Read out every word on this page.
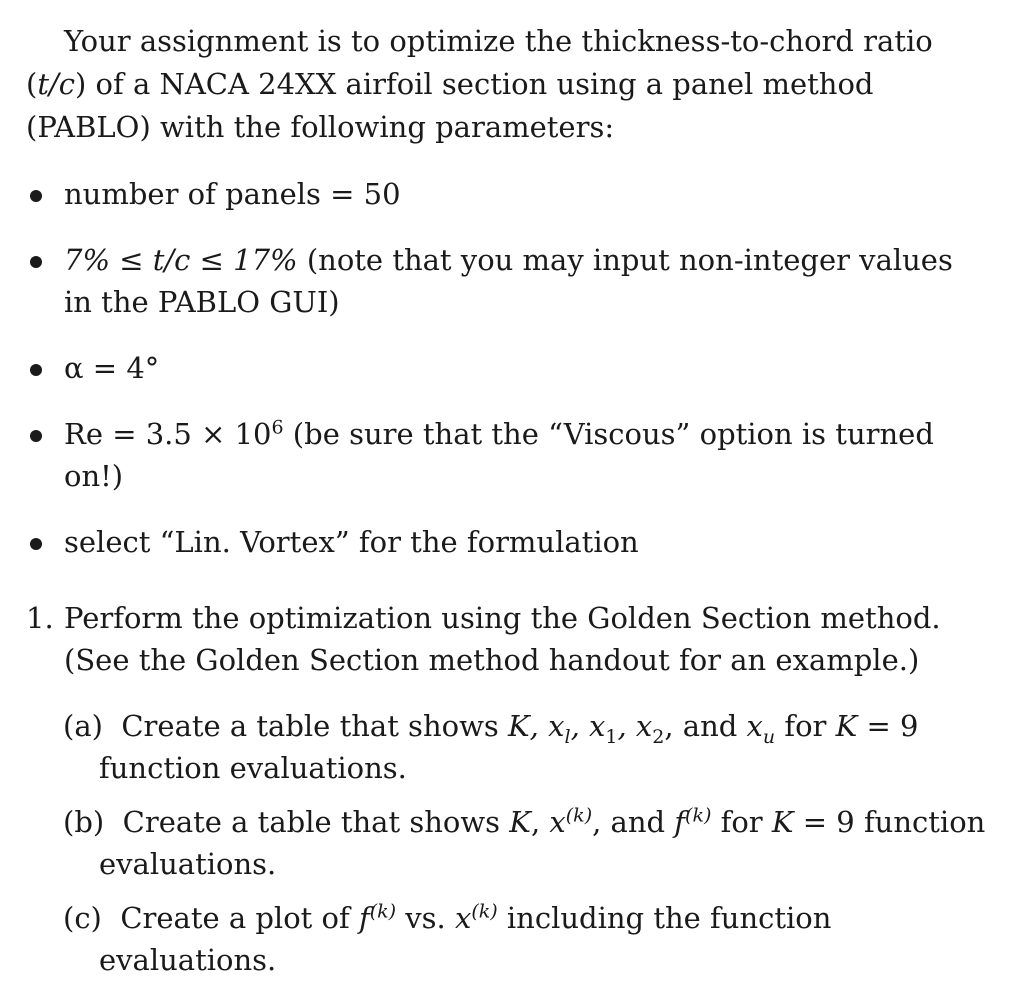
Your assignment is to optimize the thickness-to-chord ratio (t/c) of a NACA 24XX airfoil section using a panel method (PABLO) with the following parameters:

number of panels = 50
7% ≤ t/c ≤ 17% (note that you may input non-integer values in the PABLO GUI)
α = 4°
$Re = 3.5 \times 10^6$ (be sure that the “Viscous” option is turned on!)
select “Lin. Vortex” for the formulation
1. Perform the optimization using the Golden Section method. (See the Golden Section method handout for an example.)
(a) Create a table that shows K, $x_l$, $x_1$, $x_2$, and $x_u$ for K = 9 function evaluations.
(b) Create a table that shows K, $x^{(k)}$, and $f^{(k)}$ for K = 9 function evaluations.
(c) Create a plot of $f^{(k)}$ vs. $x^{(k)}$ including the function evaluations.
